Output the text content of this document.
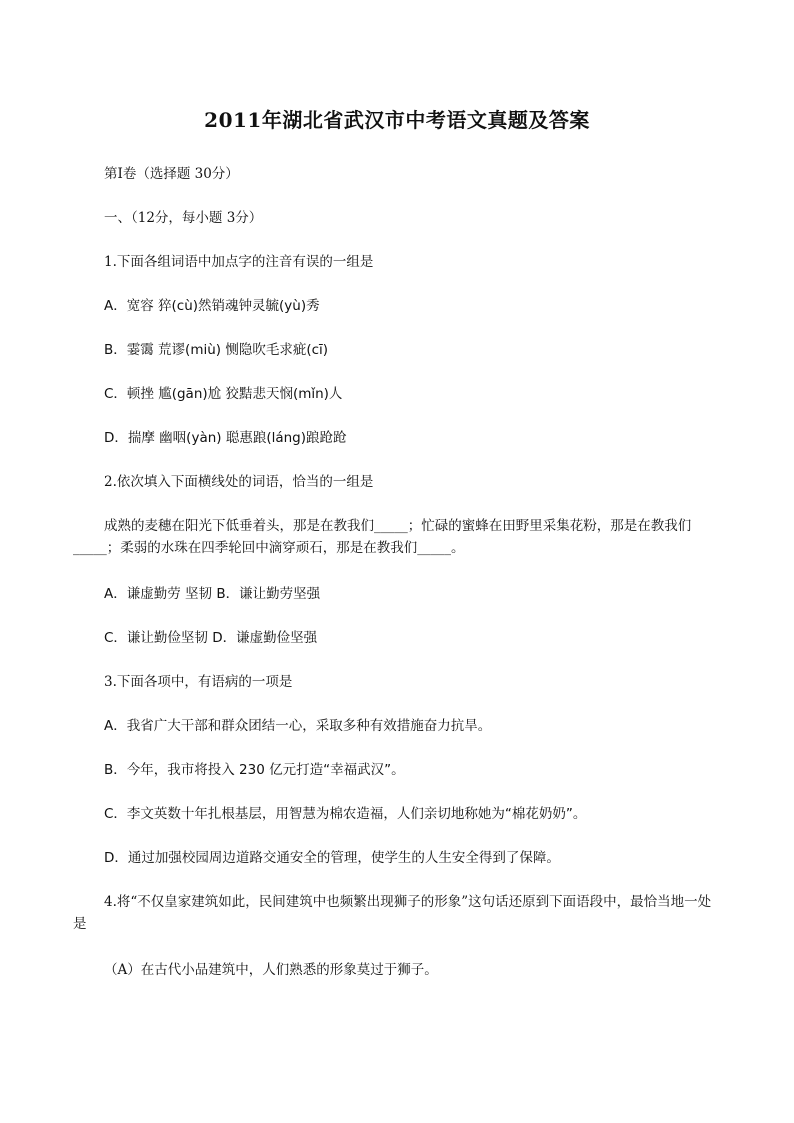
2011年湖北省武汉市中考语文真题及答案
第Ⅰ卷（选择题 30分）
一、（12分，每小题 3分）
1.下面各组词语中加点字的注音有误的一组是
A．宽容 猝(cù)然销魂钟灵毓(yù)秀
B．霎霭 荒谬(miù) 恻隐吹毛求疵(cī)
C．顿挫 尴(gān)尬 狡黠悲天悯(mǐn)人
D．揣摩 幽咽(yàn) 聪惠踉(láng)踉跄跄
2.依次填入下面横线处的词语，恰当的一组是
成熟的麦穗在阳光下低垂着头，那是在教我们_____；忙碌的蜜蜂在田野里采集花粉，那是在教我们_____；柔弱的水珠在四季轮回中滴穿顽石，那是在教我们_____。
A．谦虚勤劳 坚韧 B．谦让勤劳坚强
C．谦让勤俭坚韧 D．谦虚勤俭坚强
3.下面各项中，有语病的一项是
A．我省广大干部和群众团结一心，采取多种有效措施奋力抗旱。
B．今年，我市将投入 230 亿元打造“幸福武汉”。
C．李文英数十年扎根基层，用智慧为棉农造福，人们亲切地称她为“棉花奶奶”。
D．通过加强校园周边道路交通安全的管理，使学生的人生安全得到了保障。
4.将“不仅皇家建筑如此，民间建筑中也频繁出现狮子的形象”这句话还原到下面语段中，最恰当地一处是
（A）在古代小品建筑中，人们熟悉的形象莫过于狮子。
